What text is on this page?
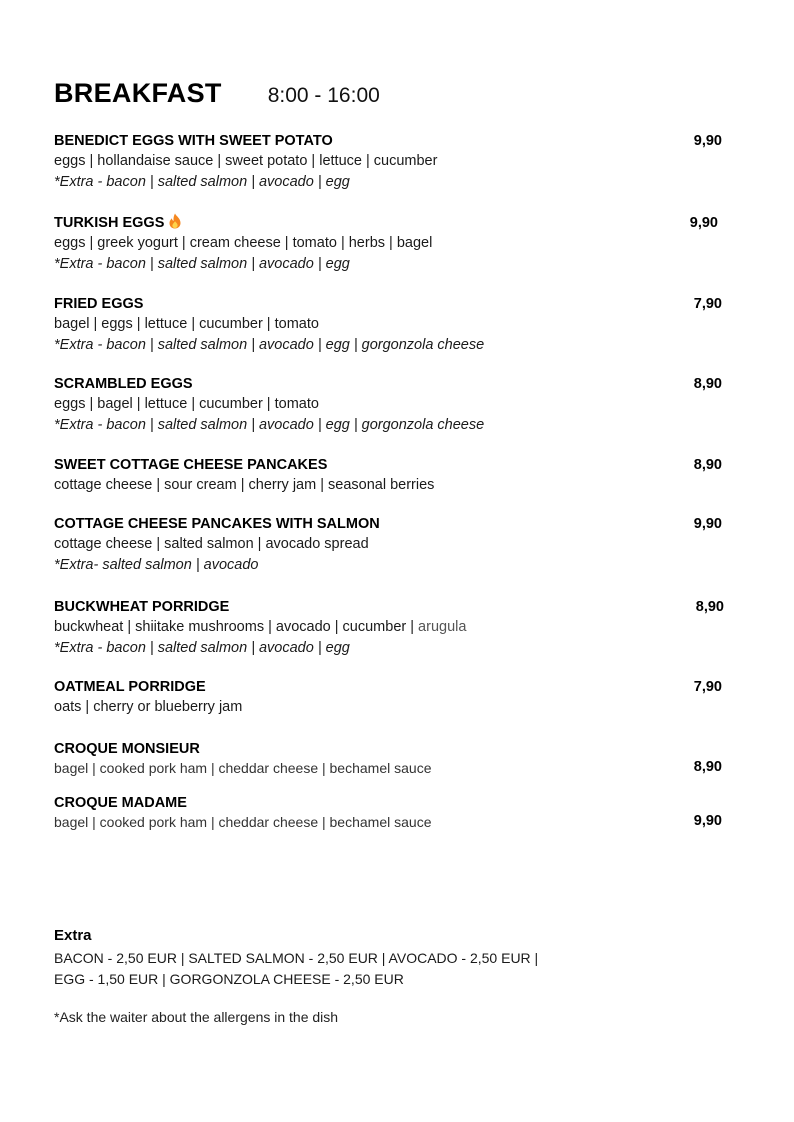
BREAKFAST 8:00 - 16:00
BENEDICT EGGS WITH SWEET POTATO
eggs | hollandaise sauce | sweet potato | lettuce | cucumber
*Extra - bacon | salted salmon | avocado | egg
9,90
TURKISH EGGS
eggs | greek yogurt | cream cheese | tomato | herbs | bagel
*Extra - bacon | salted salmon | avocado | egg
9,90
FRIED EGGS
bagel | eggs | lettuce | cucumber | tomato
*Extra - bacon | salted salmon | avocado | egg | gorgonzola cheese
7,90
SCRAMBLED EGGS
eggs | bagel | lettuce | cucumber | tomato
*Extra - bacon | salted salmon | avocado | egg | gorgonzola cheese
8,90
SWEET COTTAGE CHEESE PANCAKES
cottage cheese | sour cream | cherry jam | seasonal berries
8,90
COTTAGE CHEESE PANCAKES WITH SALMON
cottage cheese | salted salmon | avocado spread
*Extra- salted salmon | avocado
9,90
BUCKWHEAT PORRIDGE
buckwheat | shiitake mushrooms | avocado | cucumber | arugula
*Extra - bacon | salted salmon | avocado | egg
8,90
OATMEAL PORRIDGE
oats | cherry or blueberry jam
7,90
CROQUE MONSIEUR
bagel | cooked pork ham | cheddar cheese | bechamel sauce	8,90
CROQUE MADAME
bagel | cooked pork ham | cheddar cheese | bechamel sauce	9,90
Extra
BACON - 2,50 EUR | SALTED SALMON - 2,50 EUR | AVOCADO - 2,50 EUR |
EGG - 1,50 EUR | GORGONZOLA CHEESE - 2,50 EUR
*Ask the waiter about the allergens in the dish
